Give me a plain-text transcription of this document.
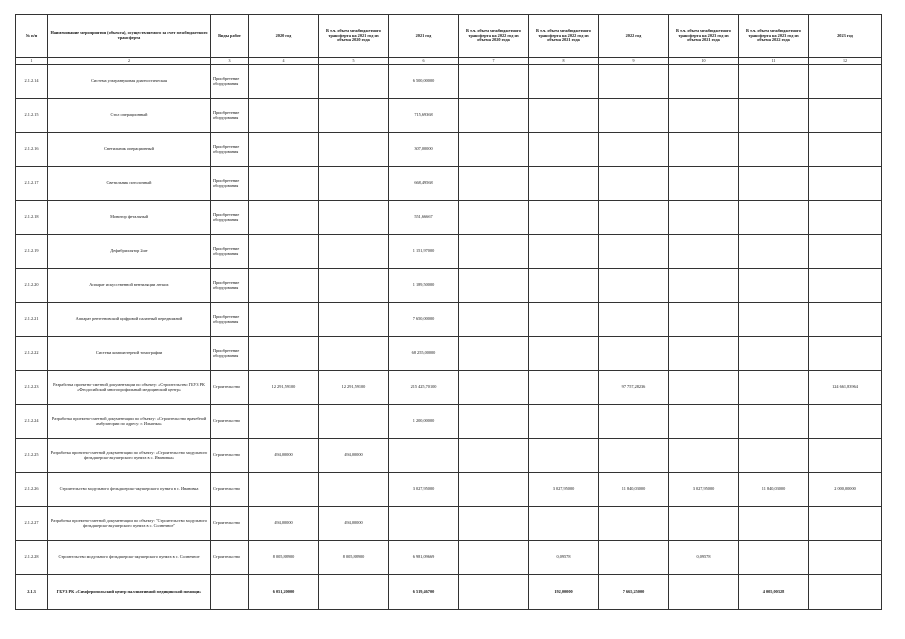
№ п/п	Наименование мероприятия (объекта), осуществляемого за счет межбюджетного трансферта	Виды работ	2020 год	В т.ч. объем межбюджетного трансферта на 2021 год из объема 2020 года	2021 год	В т.ч. объем межбюджетного трансферта на 2022 год из объема 2020 года	В т.ч. объем межбюджетного трансферта на 2022 год из объема 2021 года	2022 год	В т.ч. объем межбюджетного трансферта на 2023 год из объема 2021 года	В т.ч. объем межбюджетного трансферта на 2023 год из объема 2022 года	2023 год
1	2	3	4	5	6	7	8	9	10	11	12
2.1.2.14	Система ультразвуковая диагностическая	Приобретение оборудования			6 500,00000						
2.1.2.15	Стол операционный	Приобретение оборудования			715,69368						
2.1.2.16	Светильник операционный	Приобретение оборудования			307,00000						
2.1.2.17	Светильник потолочный	Приобретение оборудования			668,49568						
2.1.2.18	Монитор фетальный	Приобретение оборудования			551,66667						
2.1.2.19	Дефибриллятор 2шт	Приобретение оборудования			1 151,97000						
2.1.2.20	Аппарат искусственной вентиляции легких	Приобретение оборудования			1 189,50000						
2.1.2.21	Аппарат рентгеновский цифровой палатный передвижной	Приобретение оборудования			7 650,00000						
2.1.2.22	Система компьютерной томографии	Приобретение оборудования			68 255,00000						
2.1.2.23	Разработка проектно-сметной документации по объекту: «Строительство ГБУЗ РК «Феодосийский многопрофильный медицинский центр»	Строительство	12 291,59100	12 291,59100	215 425,70100			97 757,28236			124 661,83964
2.1.2.24	Разработка проектно-сметной документации по объекту: «Строительство врачебной амбулатории по адресу: г. Ильинка»	Строительство			1 200,00000						
2.1.2.25	Разработка проектно-сметной документации по объекту: «Строительство модульного фельдшерско-акушерского пункта в с. Ивановка»	Строительство	494,00000	494,00000							
2.1.2.26	Строительство модульного фельдшерско-акушерского пункта в с. Ивановка	Строительство			3 027,95000		3 027,95000	11 840,03000	3 027,95000	11 840,03000	2 000,00000
2.1.2.27	Разработка проектно-сметной документации по объекту: "Строительство модульного фельдшерско-акушерского пункта в с. Солнечное"	Строительство	494,00000	494,00000							
2.1.2.28	Строительство модульного фельдшерско-акушерского пункта в с. Солнечное	Строительство	8 005,88900	8 005,88900	6 981,09669		0,09578		0,09578		
2.1.3	ГБУЗ РК «Симферопольский центр паллиативной медицинской помощи»		6 051,20000		6 519,46700		192,00000	7 665,25000		4 005,00328	
